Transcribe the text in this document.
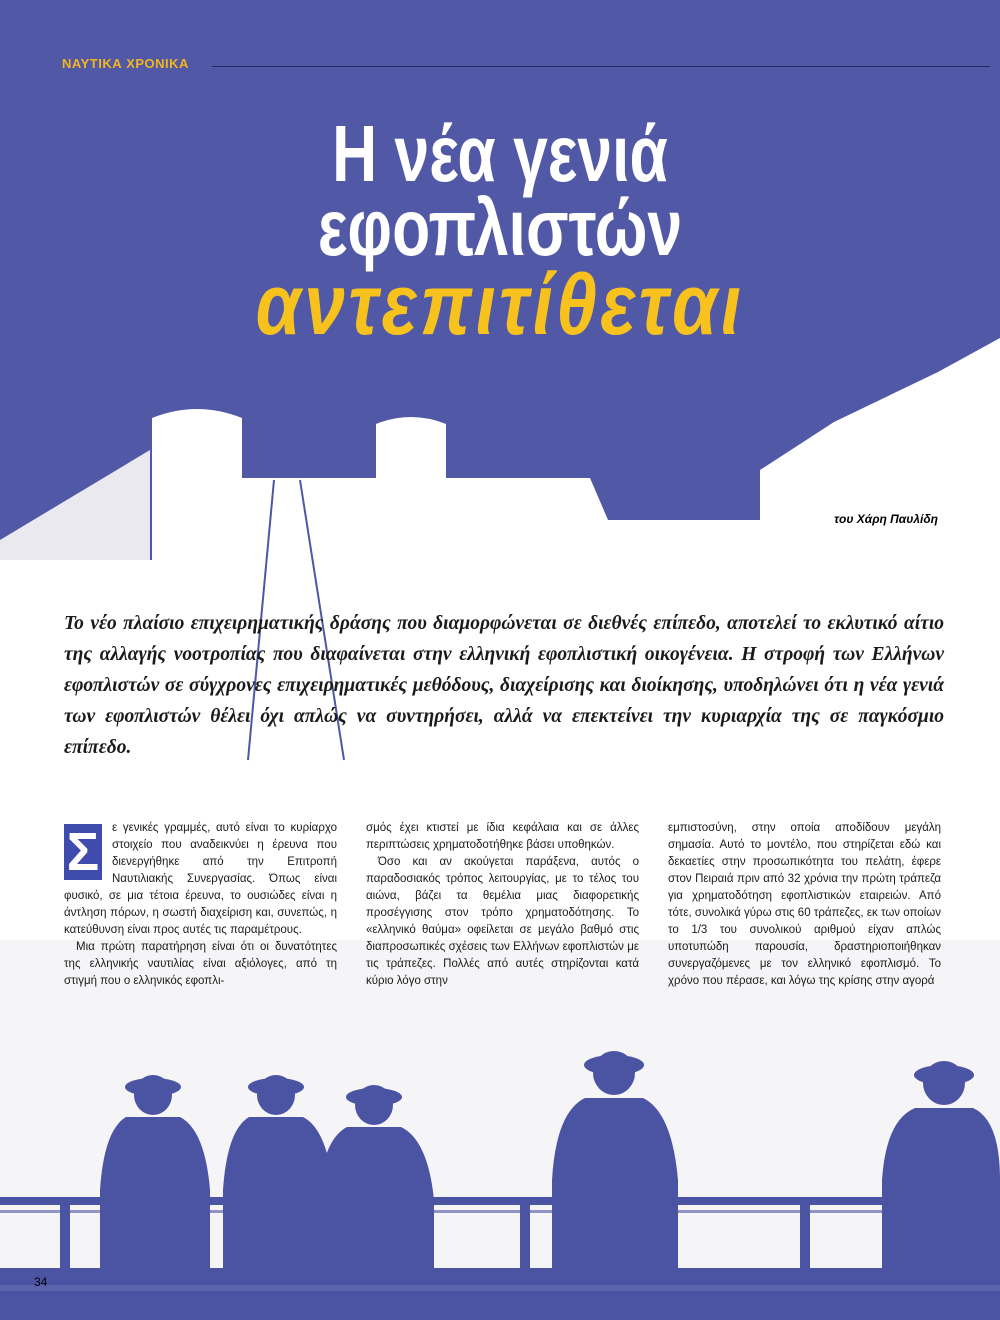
ΝΑΥΤΙΚΑ ΧΡΟΝΙΚΑ
Η νέα γενιά
εφοπλιστών
αντεπιτίθεται
του Χάρη Παυλίδη
Το νέο πλαίσιο επιχειρηματικής δράσης που διαμορφώνεται σε διεθνές επίπεδο, αποτελεί το εκλυτικό αίτιο της αλλαγής νοοτροπίας που διαφαίνεται στην ελληνική εφοπλιστική οικογένεια. Η στροφή των Ελλήνων εφοπλιστών σε σύγχρονες επιχειρηματικές μεθόδους, διαχείρισης και διοίκησης, υποδηλώνει ότι η νέα γενιά των εφοπλιστών θέλει όχι απλώς να συντηρήσει, αλλά να επεκτείνει την κυριαρχία της σε παγκόσμιο επίπεδο.
Σ	ε γενικές γραμμές, αυτό είναι το κυρίαρχο στοιχείο που αναδεικνύει η έρευνα που διενεργήθηκε από την Επιτροπή Ναυτιλιακής Συνεργασίας. Όπως είναι φυσικό, σε μια τέτοια έρευνα, το ουσιώδες είναι η άντληση πόρων, η σωστή διαχείριση και, συνεπώς, η κατεύθυνση είναι προς αυτές τις παραμέτρους.

Μια πρώτη παρατήρηση είναι ότι οι δυνατότητες της ελληνικής ναυτιλίας είναι αξιόλογες, από τη στιγμή που ο ελληνικός εφοπλι-

σμός έχει κτιστεί με ίδια κεφάλαια και σε άλλες περιπτώσεις χρηματοδοτήθηκε βάσει υποθηκών.

Όσο και αν ακούγεται παράξενα, αυτός ο παραδοσιακός τρόπος λειτουργίας, με το τέλος του αιώνα, βάζει τα θεμέλια μιας διαφορετικής προσέγγισης στον τρόπο χρηματοδότησης. Το «ελληνικό θαύμα» οφείλεται σε μεγάλο βαθμό στις διαπροσωπικές σχέσεις των Ελλήνων εφοπλιστών με τις τράπεζες. Πολλές από αυτές στηρίζονται κατά κύριο λόγο στην

εμπιστοσύνη, στην οποία αποδίδουν μεγάλη σημασία. Αυτό το μοντέλο, που στηρίζεται εδώ και δεκαετίες στην προσωπικότητα του πελάτη, έφερε στον Πειραιά πριν από 32 χρόνια την πρώτη τράπεζα για χρηματοδότηση εφοπλιστικών εταιρειών. Από τότε, συνολικά γύρω στις 60 τράπεζες, εκ των οποίων το 1/3 του συνολικού αριθμού είχαν απλώς υποτυπώδη παρουσία, δραστηριοποιήθηκαν συνεργαζόμενες με τον ελληνικό εφοπλισμό. Το χρόνο που πέρασε, και λόγω της κρίσης στην αγορά

34
